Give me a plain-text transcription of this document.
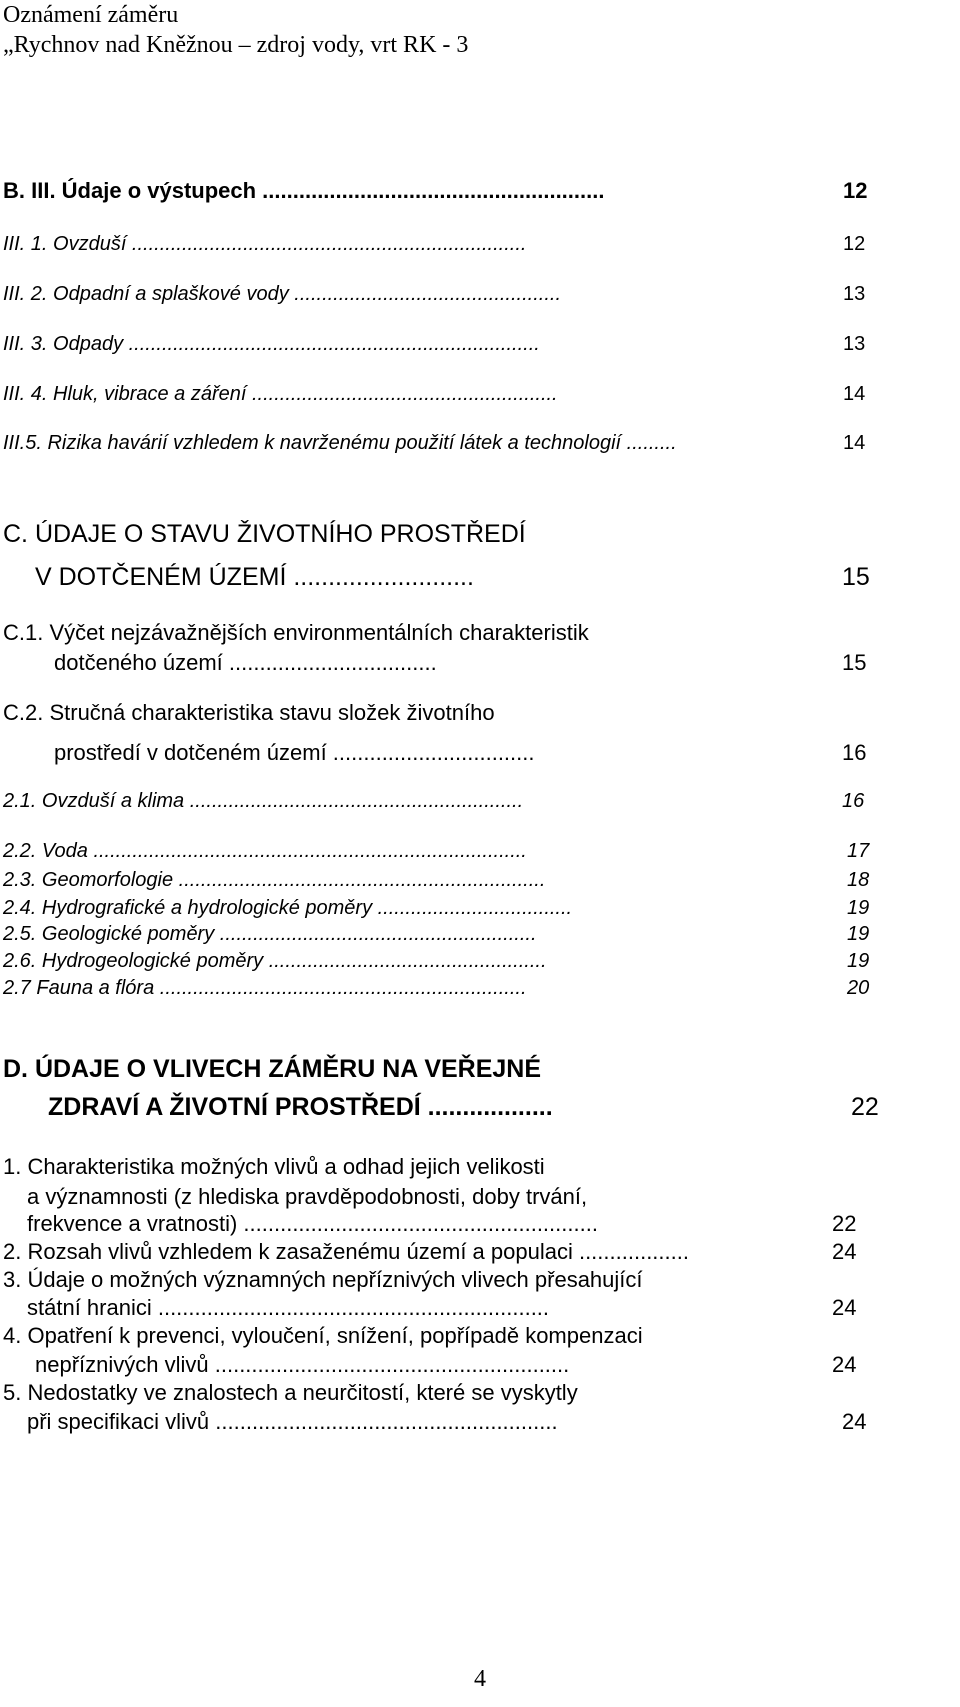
Oznámení záměru
„Rychnov nad Kněžnou – zdroj vody, vrt RK - 3
B. III. Údaje o výstupech ........................................................	12
III. 1. Ovzduší .......................................................................	12
III. 2. Odpadní a splaškové vody ................................................	13
III. 3. Odpady ..........................................................................	13
III. 4. Hluk, vibrace a záření .......................................................	14
III.5. Rizika havárií vzhledem k navrženému použití látek a technologií .........	14
C. ÚDAJE O STAVU ŽIVOTNÍHO PROSTŘEDÍ
V DOTČENÉM ÚZEMÍ ..........................	15
C.1. Výčet nejzávažnějších environmentálních charakteristik
dotčeného území ..................................	15
C.2. Stručná charakteristika stavu složek životního
prostředí v dotčeném území .................................	16
2.1. Ovzduší a klima ............................................................	16
2.2. Voda ..............................................................................	17
2.3. Geomorfologie ..................................................................	18
2.4. Hydrografické a hydrologické poměry ...................................	19
2.5. Geologické poměry .........................................................	19
2.6. Hydrogeologické poměry ..................................................	19
2.7 Fauna a flóra ..................................................................	20
D. ÚDAJE O VLIVECH ZÁMĚRU NA VEŘEJNÉ
ZDRAVÍ A ŽIVOTNÍ PROSTŘEDÍ ..................	22
1. Charakteristika možných vlivů a odhad jejich velikosti
a významnosti (z hlediska pravděpodobnosti, doby trvání,
frekvence a vratnosti) ..........................................................	22
2. Rozsah vlivů vzhledem k zasaženému území a populaci ..................	24
3. Údaje o možných významných nepříznivých vlivech přesahující
státní hranici ................................................................	24
4. Opatření k prevenci, vyloučení, snížení, popřípadě kompenzaci
nepříznivých vlivů ..........................................................	24
5. Nedostatky ve znalostech a neurčitostí, které se vyskytly
při specifikaci vlivů ........................................................	24
4
